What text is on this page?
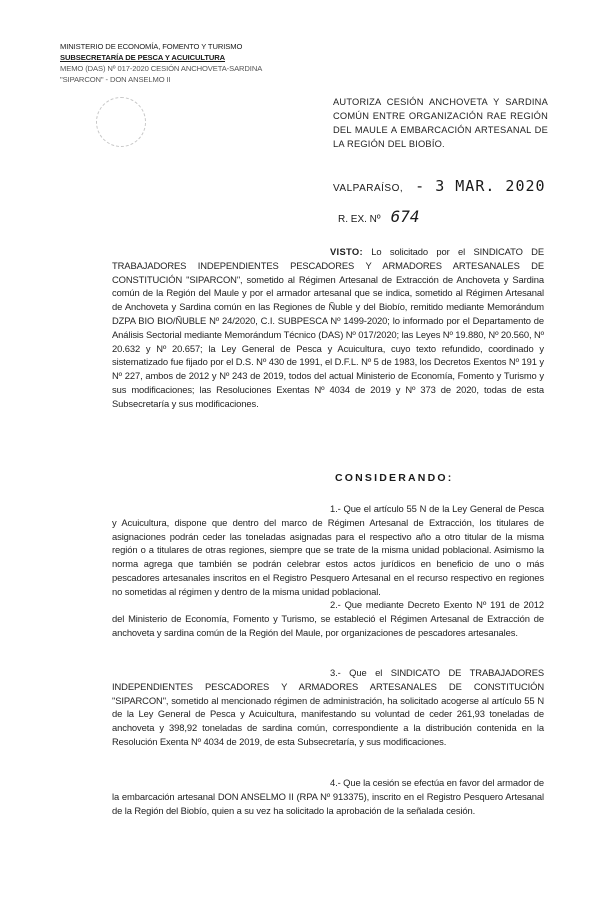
MINISTERIO DE ECONOMÍA, FOMENTO Y TURISMO
SUBSECRETARÍA DE PESCA Y ACUICULTURA
MEMO (DAS) Nº 017-2020 CESIÓN ANCHOVETA-SARDINA
"SIPARCON" - DON ANSELMO II
AUTORIZA CESIÓN ANCHOVETA Y SARDINA COMÚN ENTRE ORGANIZACIÓN RAE REGIÓN DEL MAULE A EMBARCACIÓN ARTESANAL DE LA REGIÓN DEL BIOBÍO.
VALPARAÍSO, - 3 MAR. 2020
R. EX. Nº 674
VISTO: Lo solicitado por el SINDICATO DE TRABAJADORES INDEPENDIENTES PESCADORES Y ARMADORES ARTESANALES DE CONSTITUCIÓN "SIPARCON", sometido al Régimen Artesanal de Extracción de Anchoveta y Sardina común de la Región del Maule y por el armador artesanal que se indica, sometido al Régimen Artesanal de Anchoveta y Sardina común en las Regiones de Ñuble y del Biobío, remitido mediante Memorándum DZPA BIO BIO/ÑUBLE Nº 24/2020, C.I. SUBPESCA Nº 1499-2020; lo informado por el Departamento de Análisis Sectorial mediante Memorándum Técnico (DAS) Nº 017/2020; las Leyes Nº 19.880, Nº 20.560, Nº 20.632 y Nº 20.657; la Ley General de Pesca y Acuicultura, cuyo texto refundido, coordinado y sistematizado fue fijado por el D.S. Nº 430 de 1991, el D.F.L. Nº 5 de 1983, los Decretos Exentos Nº 191 y Nº 227, ambos de 2012 y Nº 243 de 2019, todos del actual Ministerio de Economía, Fomento y Turismo y sus modificaciones; las Resoluciones Exentas Nº 4034 de 2019 y Nº 373 de 2020, todas de esta Subsecretaría y sus modificaciones.
CONSIDERANDO:
1.- Que el artículo 55 N de la Ley General de Pesca y Acuicultura, dispone que dentro del marco de Régimen Artesanal de Extracción, los titulares de asignaciones podrán ceder las toneladas asignadas para el respectivo año a otro titular de la misma región o a titulares de otras regiones, siempre que se trate de la misma unidad poblacional. Asimismo la norma agrega que también se podrán celebrar estos actos jurídicos en beneficio de uno o más pescadores artesanales inscritos en el Registro Pesquero Artesanal en el recurso respectivo en regiones no sometidas al régimen y dentro de la misma unidad poblacional.
2.- Que mediante Decreto Exento Nº 191 de 2012 del Ministerio de Economía, Fomento y Turismo, se estableció el Régimen Artesanal de Extracción de anchoveta y sardina común de la Región del Maule, por organizaciones de pescadores artesanales.
3.- Que el SINDICATO DE TRABAJADORES INDEPENDIENTES PESCADORES Y ARMADORES ARTESANALES DE CONSTITUCIÓN "SIPARCON", sometido al mencionado régimen de administración, ha solicitado acogerse al artículo 55 N de la Ley General de Pesca y Acuicultura, manifestando su voluntad de ceder 261,93 toneladas de anchoveta y 398,92 toneladas de sardina común, correspondiente a la distribución contenida en la Resolución Exenta Nº 4034 de 2019, de esta Subsecretaría, y sus modificaciones.
4.- Que la cesión se efectúa en favor del armador de la embarcación artesanal DON ANSELMO II (RPA Nº 913375), inscrito en el Registro Pesquero Artesanal de la Región del Biobío, quien a su vez ha solicitado la aprobación de la señalada cesión.
